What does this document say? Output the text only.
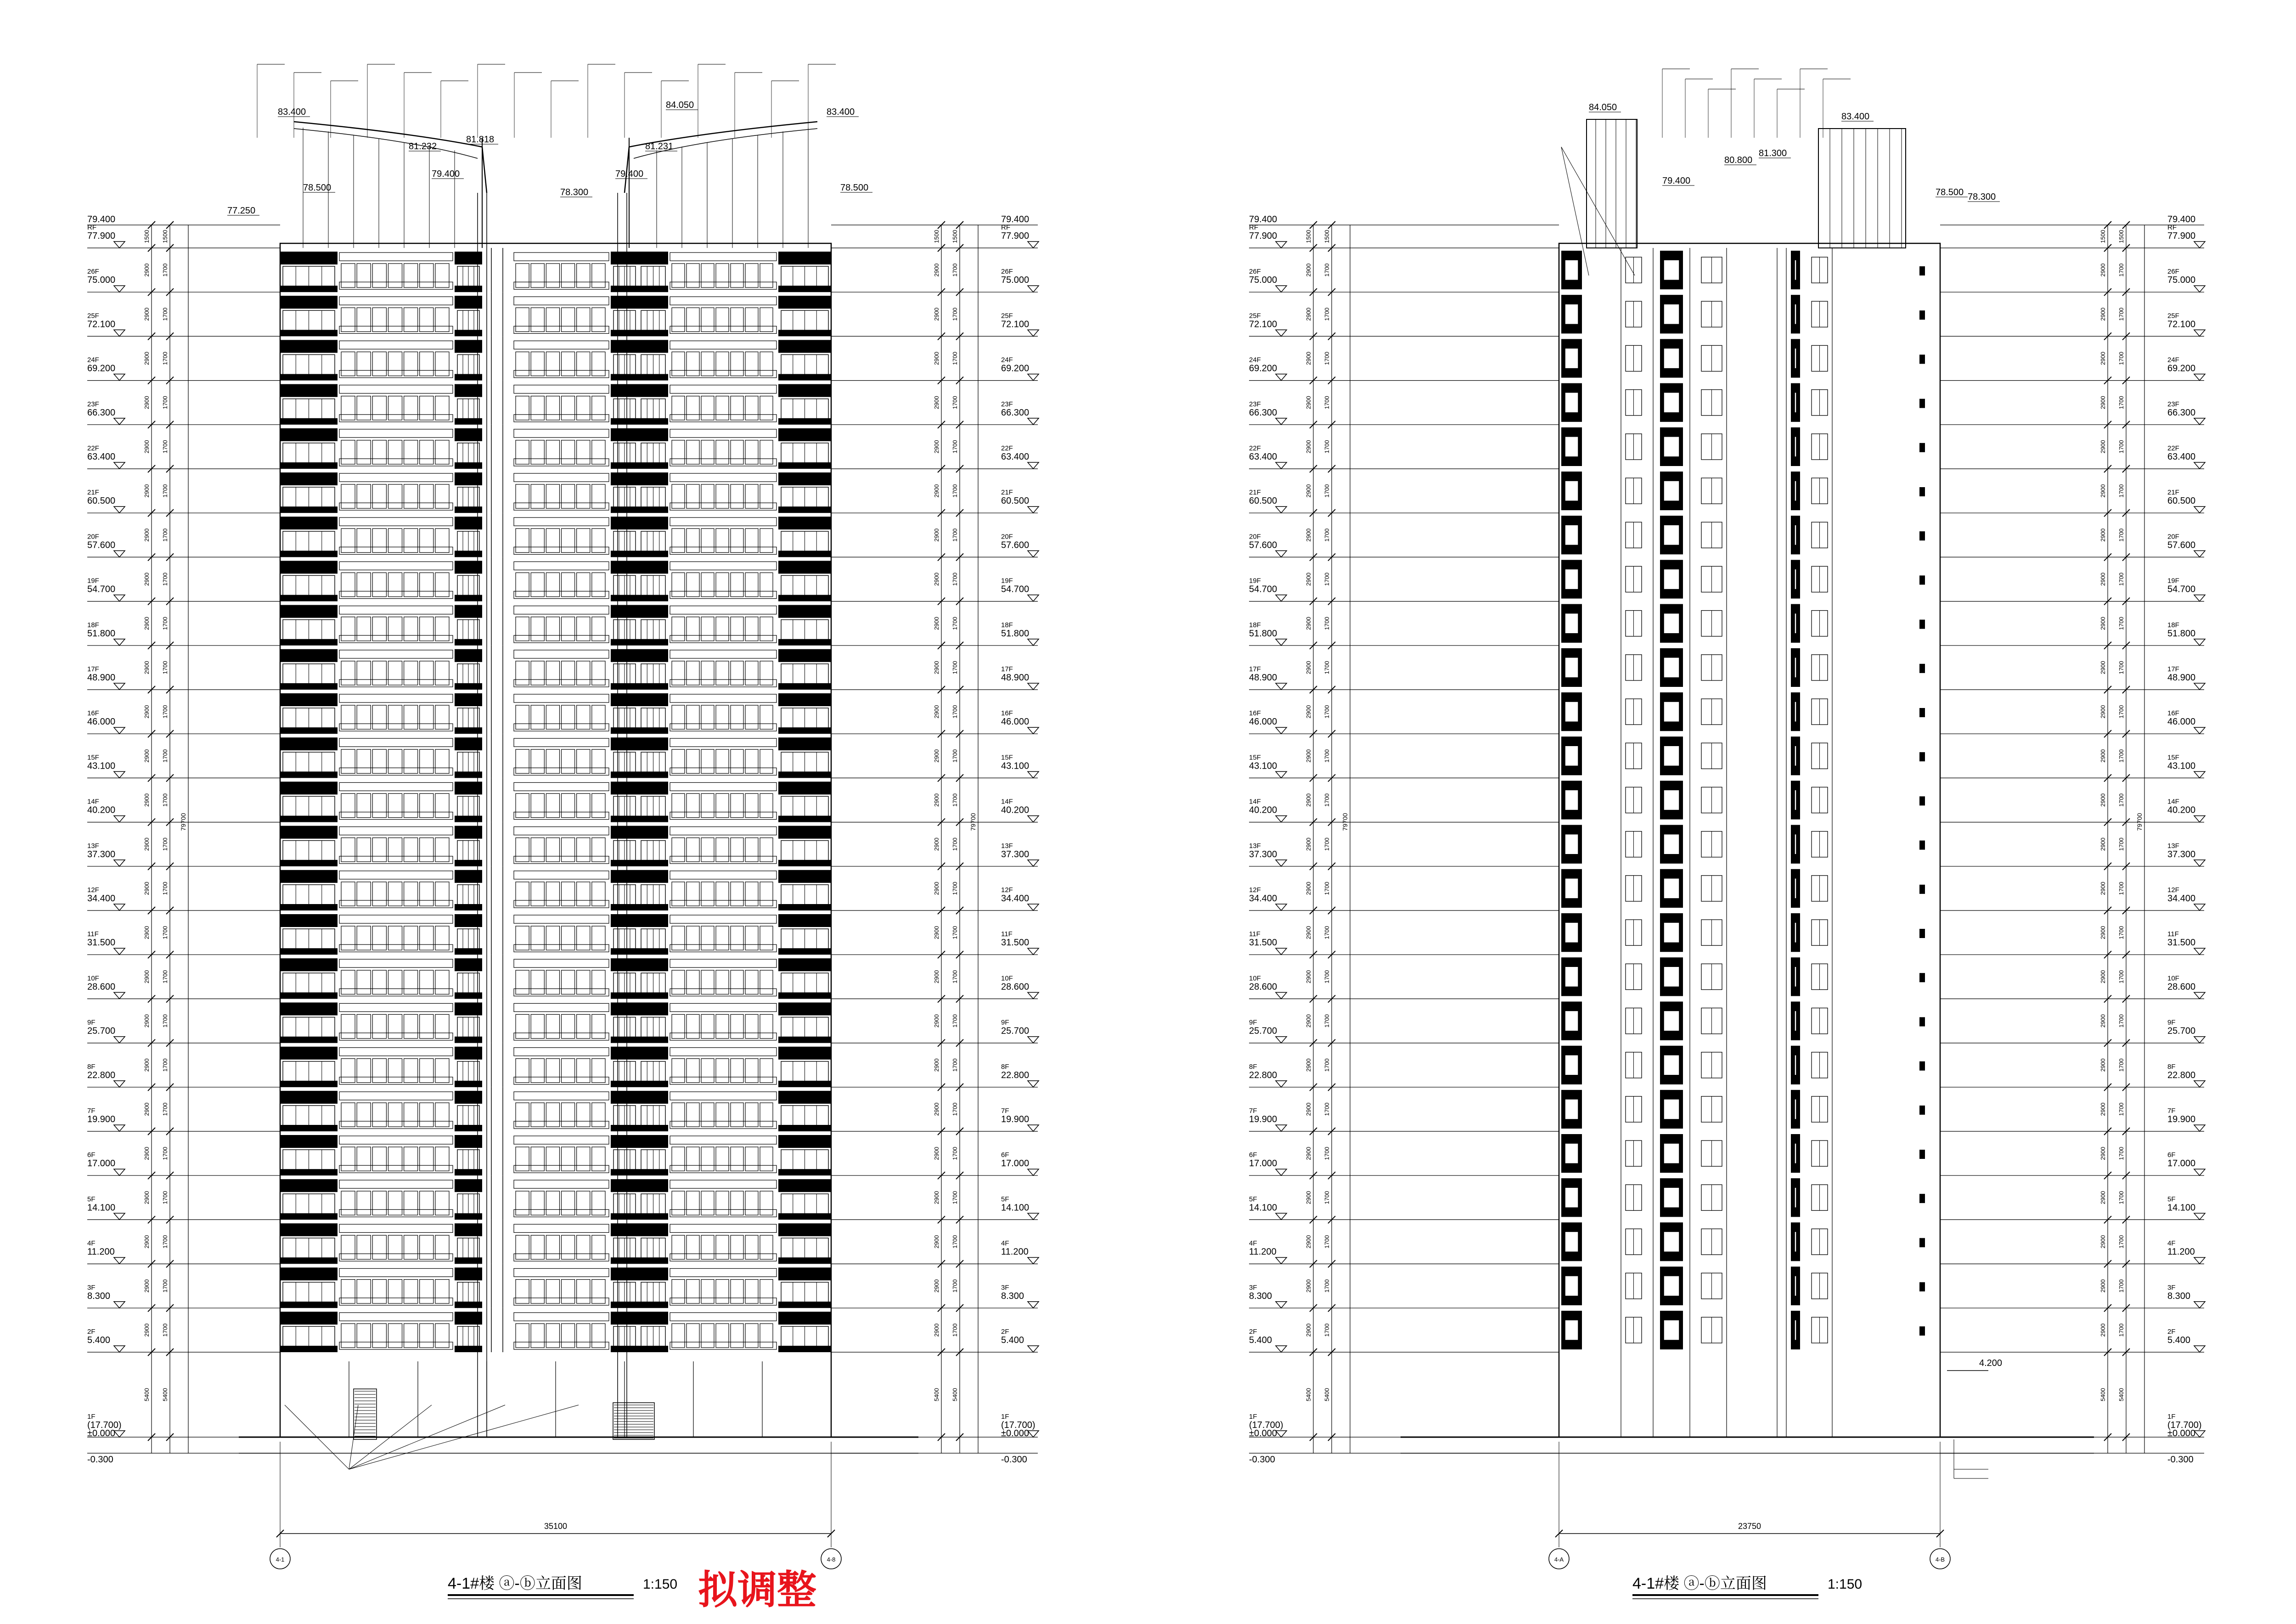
1F
(17.700)
±0.000
2F
5.400
3F
8.300
4F
11.200
5F
14.100
6F
17.000
7F
19.900
8F
22.800
9F
25.700
10F
28.600
11F
31.500
12F
34.400
13F
37.300
14F
40.200
15F
43.100
16F
46.000
17F
48.900
18F
51.800
19F
54.700
20F
57.600
21F
60.500
22F
63.400
23F
66.300
24F
69.200
25F
72.100
26F
75.000
RF
77.900
79.400
-0.300
1F
(17.700)
±0.000
2F
5.400
3F
8.300
4F
11.200
5F
14.100
6F
17.000
7F
19.900
8F
22.800
9F
25.700
10F
28.600
11F
31.500
12F
34.400
13F
37.300
14F
40.200
15F
43.100
16F
46.000
17F
48.900
18F
51.800
19F
54.700
20F
57.600
21F
60.500
22F
63.400
23F
66.300
24F
69.200
25F
72.100
26F
75.000
RF
77.900
79.400
-0.300
5400
2900
2900
2900
2900
2900
2900
2900
2900
2900
2900
2900
2900
2900
2900
2900
2900
2900
2900
2900
2900
2900
2900
2900
2900
2900
1500
5400
1700
1700
1700
1700
1700
1700
1700
1700
1700
1700
1700
1700
1700
1700
1700
1700
1700
1700
1700
1700
1700
1700
1700
1700
1700
1500
79700
5400
2900
2900
2900
2900
2900
2900
2900
2900
2900
2900
2900
2900
2900
2900
2900
2900
2900
2900
2900
2900
2900
2900
2900
2900
2900
1500
5400
1700
1700
1700
1700
1700
1700
1700
1700
1700
1700
1700
1700
1700
1700
1700
1700
1700
1700
1700
1700
1700
1700
1700
1700
1700
1500
79700
83.400
84.050
83.400
81.232
81.818
81.231
79.400	79.400
78.300	78.500
78.500
77.250
35100
4-1	4-8
1F
(17.700)
±0.000
2F
5.400
3F
8.300
4F
11.200
5F
14.100
6F
17.000
7F
19.900
8F
22.800
9F
25.700
10F
28.600
11F
31.500
12F
34.400
13F
37.300
14F
40.200
15F
43.100
16F
46.000
17F
48.900
18F
51.800
19F
54.700
20F
57.600
21F
60.500
22F
63.400
23F
66.300
24F
69.200
25F
72.100
26F
75.000
RF
77.900
79.400
-0.300
1F
(17.700)
±0.000
2F
5.400
3F
8.300
4F
11.200
5F
14.100
6F
17.000
7F
19.900
8F
22.800
9F
25.700
10F
28.600
11F
31.500
12F
34.400
13F
37.300
14F
40.200
15F
43.100
16F
46.000
17F
48.900
18F
51.800
19F
54.700
20F
57.600
21F
60.500
22F
63.400
23F
66.300
24F
69.200
25F
72.100
26F
75.000
RF
77.900
79.400
-0.300
5400
2900
2900
2900
2900
2900
2900
2900
2900
2900
2900
2900
2900
2900
2900
2900
2900
2900
2900
2900
2900
2900
2900
2900
2900
2900
1500
5400
1700
1700
1700
1700
1700
1700
1700
1700
1700
1700
1700
1700
1700
1700
1700
1700
1700
1700
1700
1700
1700
1700
1700
1700
1700
1500
79700
5400
2900
2900
2900
2900
2900
2900
2900
2900
2900
2900
2900
2900
2900
2900
2900
2900
2900
2900
2900
2900
2900
2900
2900
2900
2900
1500
5400
1700
1700
1700
1700
1700
1700
1700
1700
1700
1700
1700
1700
1700
1700
1700
1700
1700
1700
1700
1700
1700
1700
1700
1700
1700
1500
79700
84.050
83.400
80.800
81.300
79.400
78.500 78.300
4.200
23750
4-A	4-B
4-1#楼 ⓐ-ⓑ立面图	1:150 拟调整	4-1#楼 ⓐ-ⓑ立面图	1:150
